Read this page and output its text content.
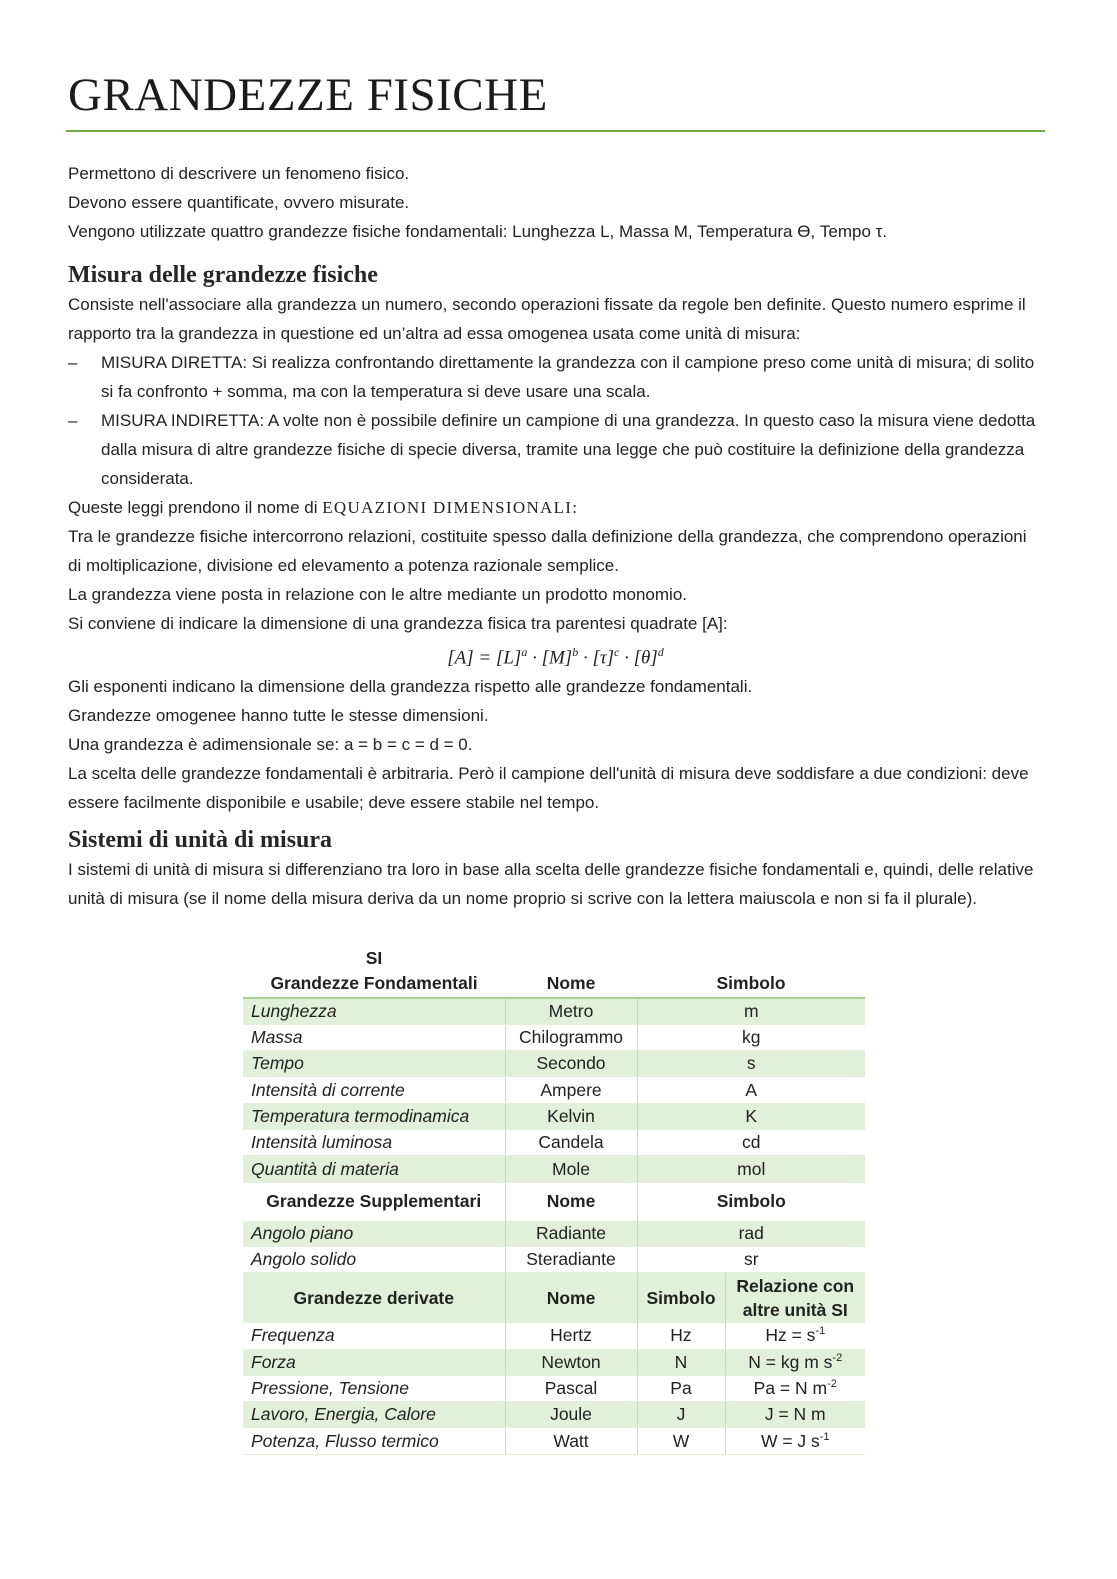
GRANDEZZE FISICHE

Permettono di descrivere un fenomeno fisico.

Devono essere quantificate, ovvero misurate.

Vengono utilizzate quattro grandezze fisiche fondamentali: Lunghezza L, Massa M, Temperatura Ө, Tempo τ.

Misura delle grandezze fisiche

Consiste nell'associare alla grandezza un numero, secondo operazioni fissate da regole ben definite. Questo numero esprime il rapporto tra la grandezza in questione ed un’altra ad essa omogenea usata come unità di misura:

– MISURA DIRETTA: Si realizza confrontando direttamente la grandezza con il campione preso come unità di misura; di solito si fa confronto + somma, ma con la temperatura si deve usare una scala.
– MISURA INDIRETTA: A volte non è possibile definire un campione di una grandezza. In questo caso la misura viene dedotta dalla misura di altre grandezze fisiche di specie diversa, tramite una legge che può costituire la definizione della grandezza considerata.

Queste leggi prendono il nome di EQUAZIONI DIMENSIONALI:

Tra le grandezze fisiche intercorrono relazioni, costituite spesso dalla definizione della grandezza, che comprendono operazioni di moltiplicazione, divisione ed elevamento a potenza razionale semplice.

La grandezza viene posta in relazione con le altre mediante un prodotto monomio.

Si conviene di indicare la dimensione di una grandezza fisica tra parentesi quadrate [A]:

$[A] = [L]^a \cdot [M]^b \cdot [\tau]^c \cdot [\theta]^d$

Gli esponenti indicano la dimensione della grandezza rispetto alle grandezze fondamentali.

Grandezze omogenee hanno tutte le stesse dimensioni.

Una grandezza è adimensionale se: a = b = c = d = 0.

La scelta delle grandezze fondamentali è arbitraria. Però il campione dell'unità di misura deve soddisfare a due condizioni: deve essere facilmente disponibile e usabile; deve essere stabile nel tempo.

Sistemi di unità di misura

I sistemi di unità di misura si differenziano tra loro in base alla scelta delle grandezze fisiche fondamentali e, quindi, delle relative unità di misura (se il nome della misura deriva da un nome proprio si scrive con la lettera maiuscola e non si fa il plurale).

SI			
Grandezze Fondamentali	Nome	Simbolo	
Lunghezza	Metro	m	
Massa	Chilogrammo	kg	
Tempo	Secondo	s	
Intensità di corrente	Ampere	A	
Temperatura termodinamica	Kelvin	K	
Intensità luminosa	Candela	cd	
Quantità di materia	Mole	mol	
Grandezze Supplementari	Nome	Simbolo	
Angolo piano	Radiante	rad	
Angolo solido	Steradiante	sr	
Grandezze derivate	Nome	Simbolo	Relazione con
altre unità SI
Frequenza	Hertz	Hz	$Hz = s^{-1}$
Forza	Newton	N	N = kg m $s^{-2}$
Pressione, Tensione	Pascal	Pa	Pa = N $m^{-2}$
Lavoro, Energia, Calore	Joule	J	J = N m
Potenza, Flusso termico	Watt	W	W = J $s^{-1}$
